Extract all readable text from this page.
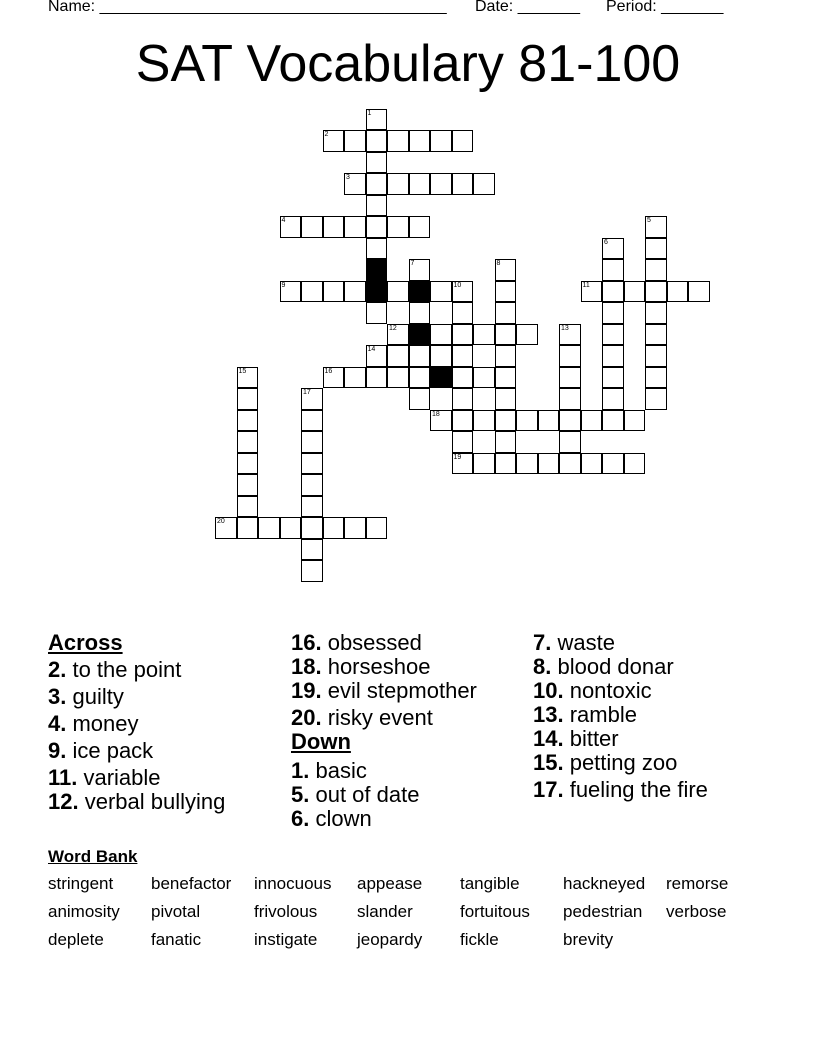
Name: _______________________________________ Date: _______ Period: _______
SAT Vocabulary 81-100
1
2
3
4	5
6
7	8
9	10	11
12	13
14
15	16
17
18
19
20
Across
2. to the point
3. guilty
4. money
9. ice pack
11. variable
12. verbal bullying
16. obsessed
18. horseshoe
19. evil stepmother
20. risky event
Down
1. basic
5. out of date
6. clown
7. waste
8. blood donar
10. nontoxic
13. ramble
14. bitter
15. petting zoo
17. fueling the fire
Word Bank
stringent benefactor innocuous appease tangible	hackneyed remorse
animosity pivotal	frivolous slander	fortuitous pedestrian verbose
deplete	fanatic	instigate jeopardy fickle	brevity
